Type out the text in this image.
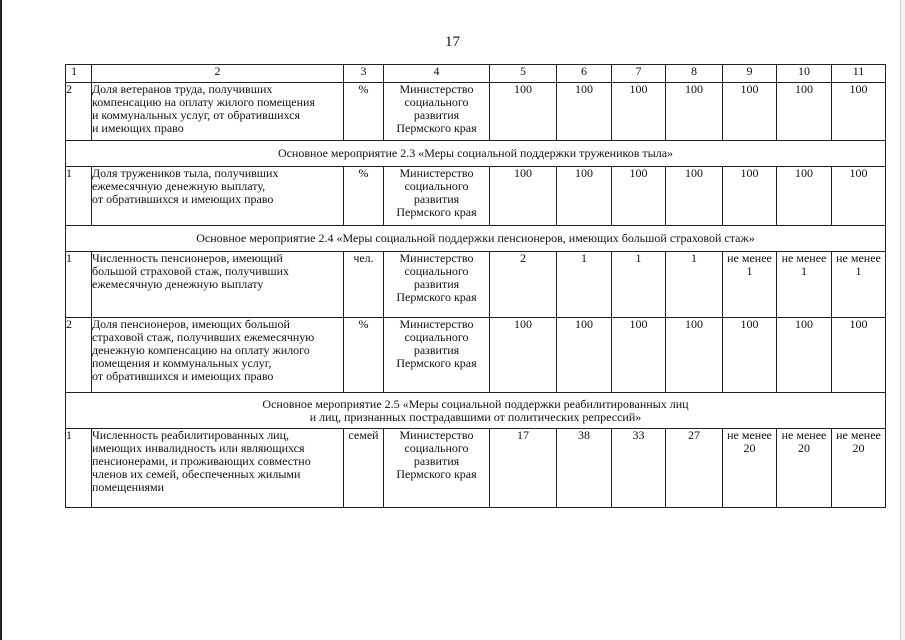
17
1	2	3	4	5	6	7	8	9	10	11
2	Доля ветеранов труда, получивших
компенсацию на оплату жилого помещения
и коммунальных услуг, от обратившихся
и имеющих право	%	Министерство
социального
развития
Пермского края	100	100	100	100	100	100	100

Основное мероприятие 2.3 «Меры социальной поддержки тружеников тыла»										

1	Доля тружеников тыла, получивших
ежемесячную денежную выплату,
от обратившихся и имеющих право	%	Министерство
социального
развития
Пермского края	100	100	100	100	100	100	100

Основное мероприятие 2.4 «Меры социальной поддержки пенсионеров, имеющих большой страховой стаж»										

1	Численность пенсионеров, имеющий
большой страховой стаж, получивших
ежемесячную денежную выплату	чел.	Министерство
социального
развития
Пермского края	2	1	1	1	не менее
1	не менее
1	не менее
1

2	Доля пенсионеров, имеющих большой
страховой стаж, получивших ежемесячную
денежную компенсацию на оплату жилого
помещения и коммунальных услуг,
от обратившихся и имеющих право	%	Министерство
социального
развития
Пермского края	100	100	100	100	100	100	100

Основное мероприятие 2.5 «Меры социальной поддержки реабилитированных лиц
и лиц, признанных пострадавшими от политических репрессий»										

1	Численность реабилитированных лиц,
имеющих инвалидность или являющихся
пенсионерами, и проживающих совместно
членов их семей, обеспеченных жилыми
помещениями	семей	Министерство
социального
развития
Пермского края	17	38	33	27	не менее
20	не менее
20	не менее
20
